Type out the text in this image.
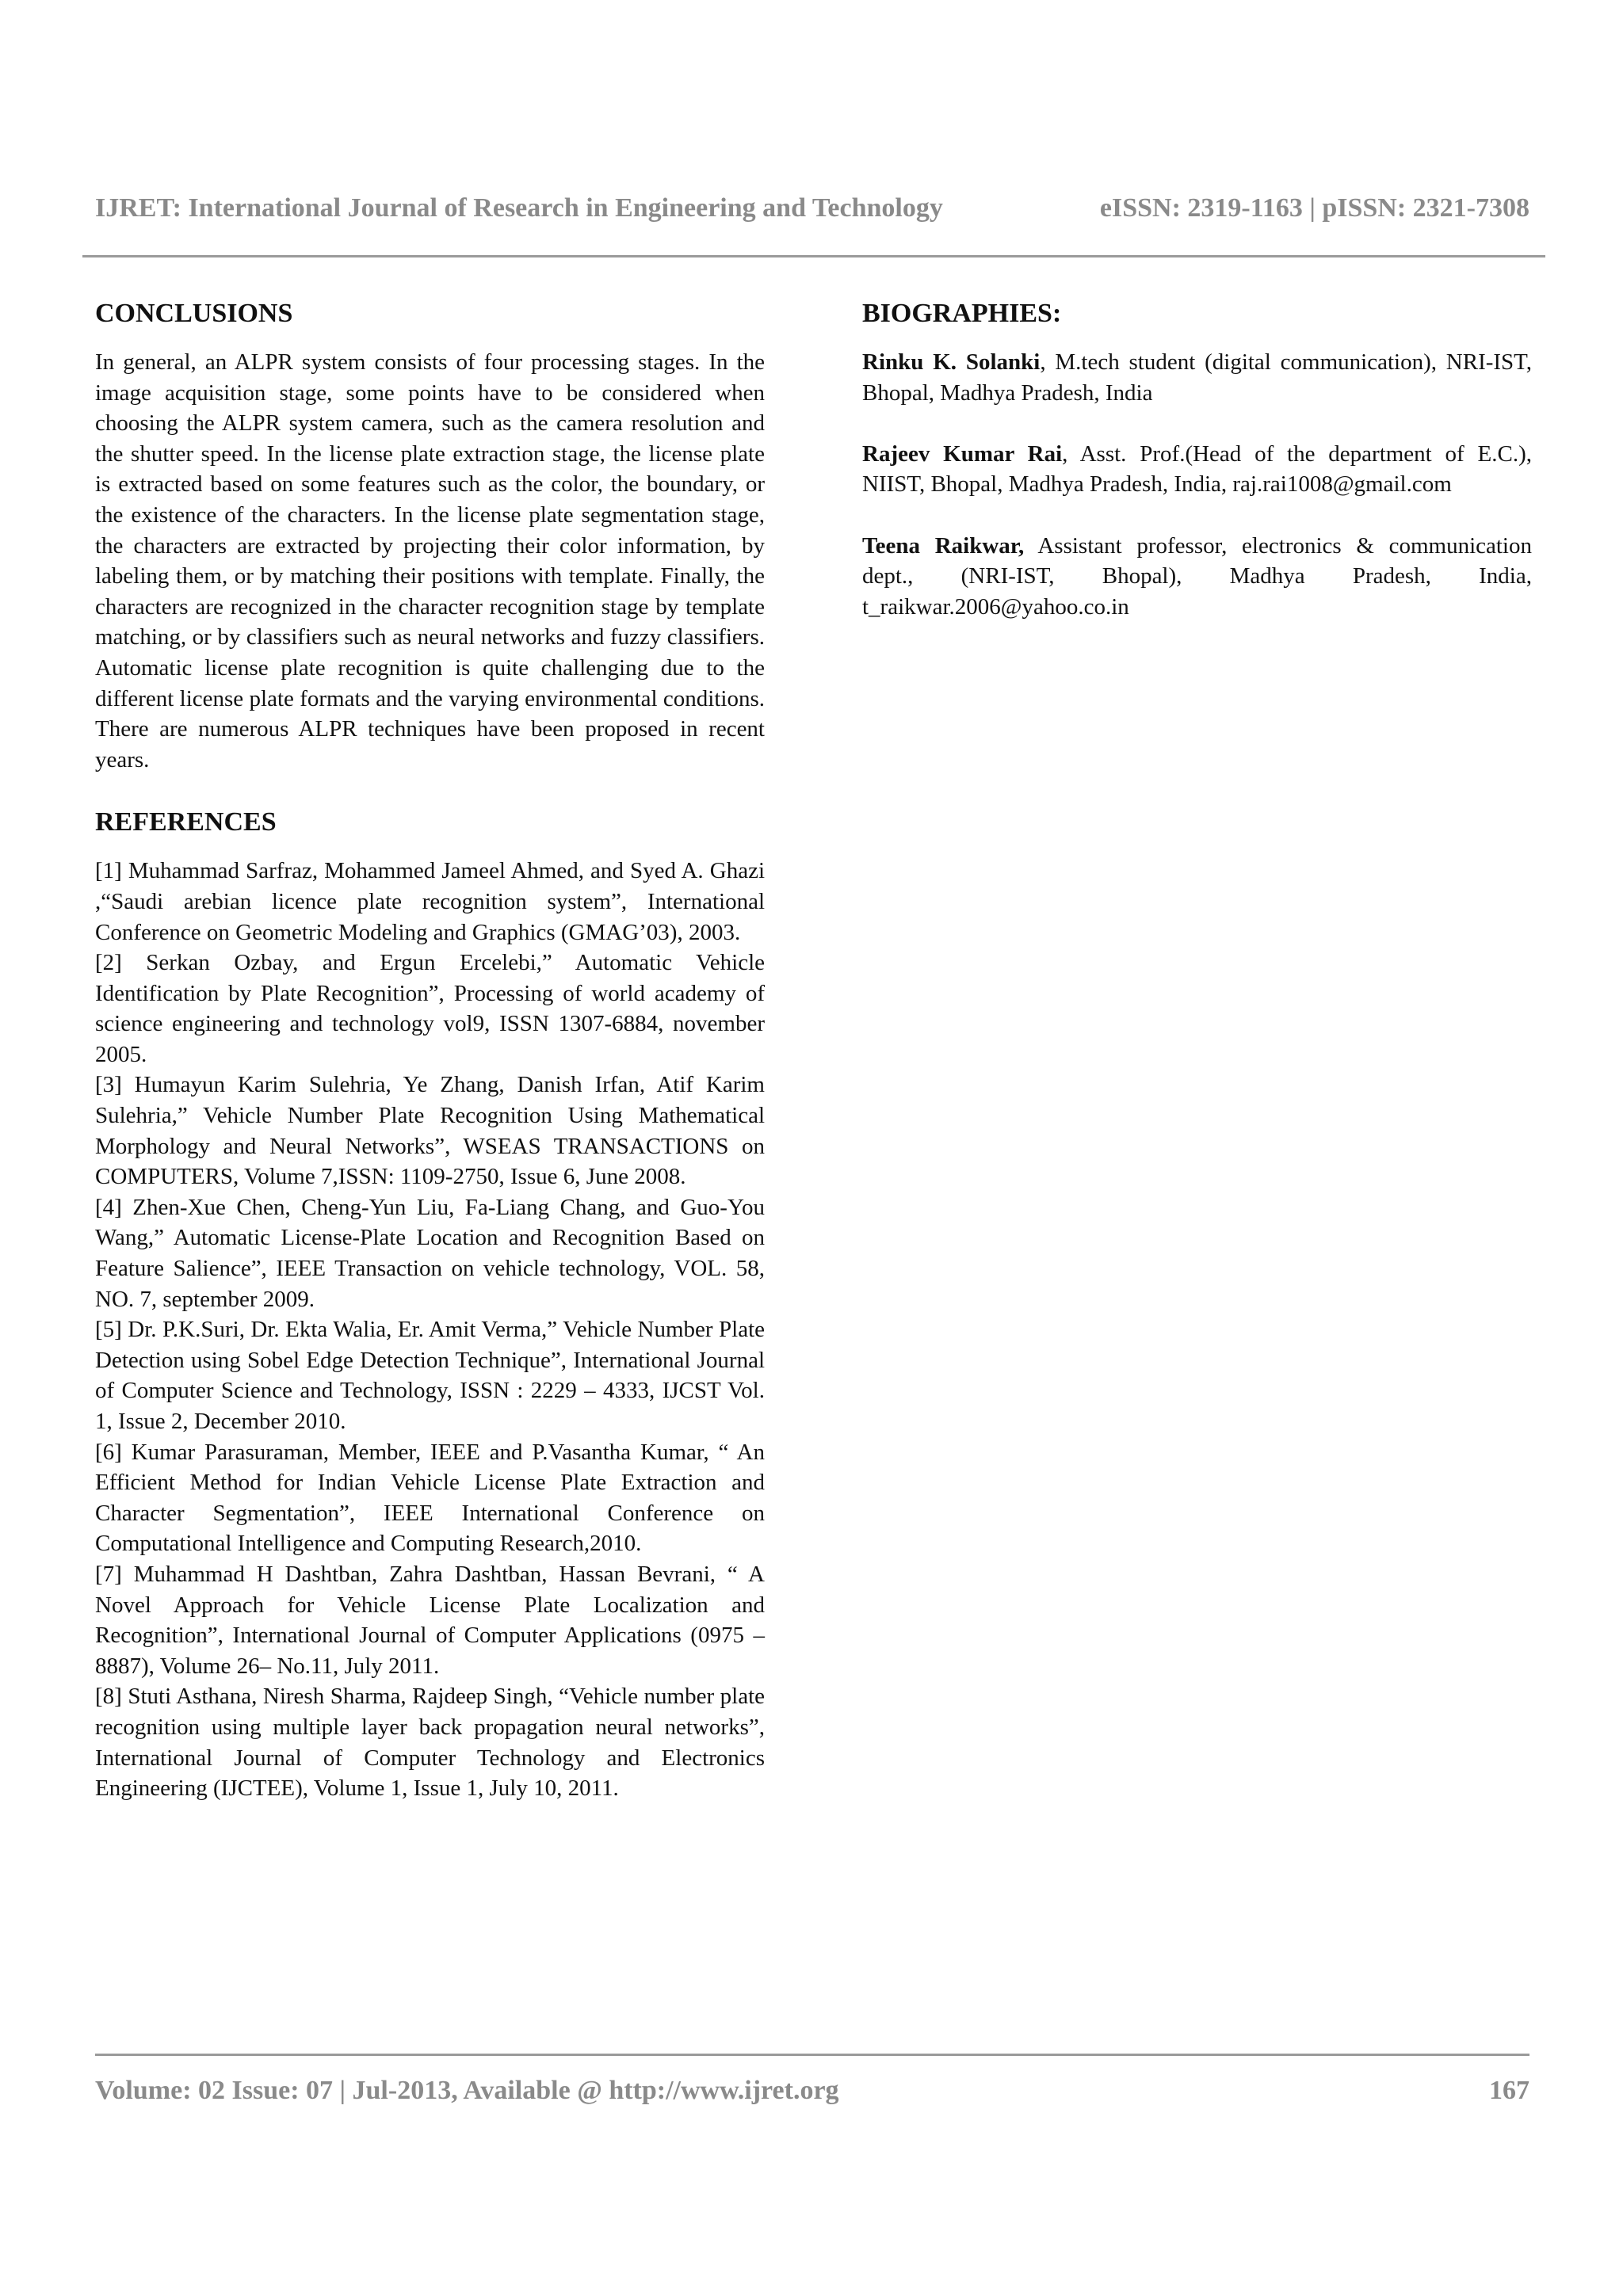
IJRET: International Journal of Research in Engineering and Technology	eISSN: 2319-1163 | pISSN: 2321-7308
CONCLUSIONS

In general, an ALPR system consists of four processing stages. In the image acquisition stage, some points have to be considered when choosing the ALPR system camera, such as the camera resolution and the shutter speed. In the license plate extraction stage, the license plate is extracted based on some features such as the color, the boundary, or the existence of the characters. In the license plate segmentation stage, the characters are extracted by projecting their color information, by labeling them, or by matching their positions with template. Finally, the characters are recognized in the character recognition stage by template matching, or by classifiers such as neural networks and fuzzy classifiers. Automatic license plate recognition is quite challenging due to the different license plate formats and the varying environmental conditions. There are numerous ALPR techniques have been proposed in recent years.

REFERENCES

[1] Muhammad Sarfraz, Mohammed Jameel Ahmed, and Syed A. Ghazi ,“Saudi arebian licence plate recognition system”, International Conference on Geometric Modeling and Graphics (GMAG’03), 2003.

[2] Serkan Ozbay, and Ergun Ercelebi,” Automatic Vehicle Identification by Plate Recognition”, Processing of world academy of science engineering and technology vol9, ISSN 1307-6884, november 2005.

[3] Humayun Karim Sulehria, Ye Zhang, Danish Irfan, Atif Karim Sulehria,” Vehicle Number Plate Recognition Using Mathematical Morphology and Neural Networks”, WSEAS TRANSACTIONS on COMPUTERS, Volume 7,ISSN: 1109-2750, Issue 6, June 2008.

[4] Zhen-Xue Chen, Cheng-Yun Liu, Fa-Liang Chang, and Guo-You Wang,” Automatic License-Plate Location and Recognition Based on Feature Salience”, IEEE Transaction on vehicle technology, VOL. 58, NO. 7, september 2009.

[5] Dr. P.K.Suri, Dr. Ekta Walia, Er. Amit Verma,” Vehicle Number Plate Detection using Sobel Edge Detection Technique”, International Journal of Computer Science and Technology, ISSN : 2229 – 4333, IJCST Vol. 1, Issue 2, December 2010.

[6] Kumar Parasuraman, Member, IEEE and P.Vasantha Kumar, “ An Efficient Method for Indian Vehicle License Plate Extraction and Character Segmentation”, IEEE International Conference on Computational Intelligence and Computing Research,2010.

[7] Muhammad H Dashtban, Zahra Dashtban, Hassan Bevrani, “ A Novel Approach for Vehicle License Plate Localization and Recognition”, International Journal of Computer Applications (0975 – 8887), Volume 26– No.11, July 2011.

[8] Stuti Asthana, Niresh Sharma, Rajdeep Singh, “Vehicle number plate recognition using multiple layer back propagation neural networks”, International Journal of Computer Technology and Electronics Engineering (IJCTEE), Volume 1, Issue 1, July 10, 2011.

BIOGRAPHIES:

Rinku K. Solanki, M.tech student (digital communication), NRI-IST, Bhopal, Madhya Pradesh, India

Rajeev Kumar Rai, Asst. Prof.(Head of the department of E.C.), NIIST, Bhopal, Madhya Pradesh, India, raj.rai1008@gmail.com

Teena Raikwar, Assistant professor, electronics & communication dept., (NRI-IST, Bhopal), Madhya Pradesh, India, t_raikwar.2006@yahoo.co.in

Volume: 02 Issue: 07 | Jul-2013, Available @ http://www.ijret.org	167
